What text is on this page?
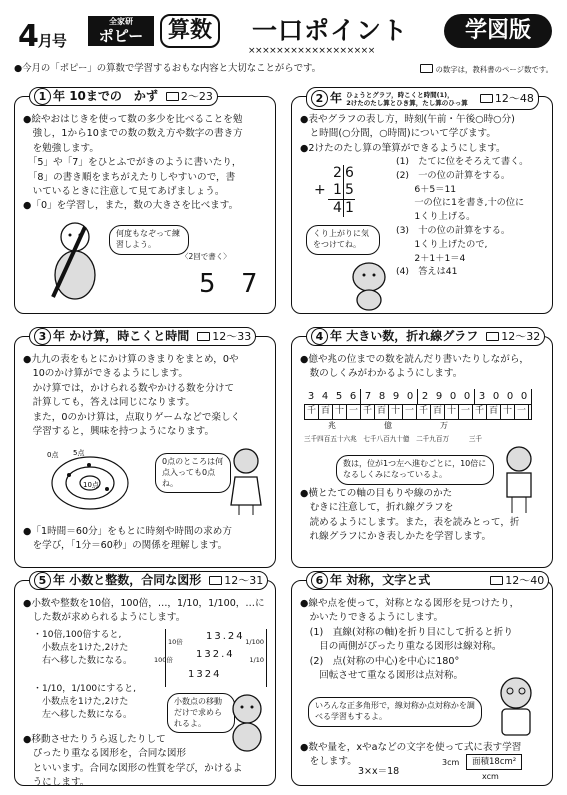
4月号
全家研
ポピー	算数	一口ポイント
××××××××××××××××××
学図版
●今月の「ポピー」の算数で学習するおもな内容と大切なことがらです。	の数字は，教科書のページ数です。
1 年 10までの　かず 2〜23

●絵やおはじきを使って数の多少を比べることを勉

　強し，1から10までの数の数え方や数字の書き方

　を勉強します。

　「5」や「7」をひとふでがきのように書いたり，

　「8」の書き順をまちがえたりしやすいので，書

　いているときに注意して見てあげましょう。

●「0」を学習し，また，数の大きさを比べます。

何度もなぞって練習しよう。
〈2回で書く〉
5 7
2 年 ひょうとグラフ，時こくと時間(1)，
2けたのたし算とひき算，たし算のひっ算 12〜48

●表やグラフの表し方，時刻(午前・午後○時○分)

　と時間(○分間，○時間)について学びます。

●2けたのたし算の筆算ができるようにします。

2 6
+ 1 5
4 1

(1)　たてに位をそろえて書く。

(2)　一の位の計算をする。

　　6＋5＝11

　　一の位に1を書き,十の位に

　　1くり上げる。

(3)　十の位の計算をする。

　　1くり上げたので,

　　2＋1＋1＝4

(4)　答えは41

くり上がりに気をつけてね。
3 年 かけ算，時こくと時間 12〜33

●九九の表をもとにかけ算のきまりをまとめ，0や

　10のかけ算ができるようにします。

　かけ算では，かけられる数やかける数を分けて

　計算しても，答えは同じになります。

　また，0のかけ算は，点取りゲームなどで楽しく

　学習すると，興味を持つようになります。

0点 5点
10点
0点のところは何点入っても0点ね。

●「1時間＝60分」をもとに時刻や時間の求め方

　を学び，「1分＝60秒」の関係を理解します。

4 年 大きい数，折れ線グラフ 12〜32

●億や兆の位までの数を読んだり書いたりしながら，

　数のしくみがわかるようにします。

3 4 5 6 7 8 9 0 2 9 0 0 3 0 0 0
千 百 十 一 千 百 十 一 千 百 十 一 千 百 十 一
兆	億	万
三千四百五十六兆　七千八百九十億　二千九百万　　　三千
数は，位が1つ左へ進むごとに，10倍になるしくみになっているよ。

●横とたての軸の目もりや線のかた

　むきに注意して，折れ線グラフを

　読めるようにします。また，表を読みとって，折

　れ線グラフにかき表しかたを学習します。

5 年 小数と整数，合同な図形 12〜31

●小数や整数を10倍，100倍，…，1/10，1/100，…に

　した数が求められるようにします。

・10倍,100倍すると,

　小数点を1けた,2けた

　右へ移した数になる。

・1/10，1/100にすると,

　小数点を1けた,2けた

　左へ移した数になる。

13.24
132.4
1324
10倍
100倍
1/100
1/10
小数点の移動だけで求められるよ。

●移動させたりうら返したりして

　ぴったり重なる図形を，合同な図形

　といいます。合同な図形の性質を学び，かけるよ

　うにします。

6 年 対称，文字と式	12〜40

●線や点を使って，対称となる図形を見つけたり，

　かいたりできるようにします。

　(1)　直線(対称の軸)を折り目にして折ると折り

　　目の両側がぴったり重なる図形は線対称。

　(2)　点(対称の中心)を中心に180°

　　回転させて重なる図形は点対称。

いろんな正多角形で，線対称か点対称かを調べる学習もするよ。

●数や量を，xやaなどの文字を使って式に表す学習

　をします。

3×x＝18
3cm	面積18cm²
xcm
